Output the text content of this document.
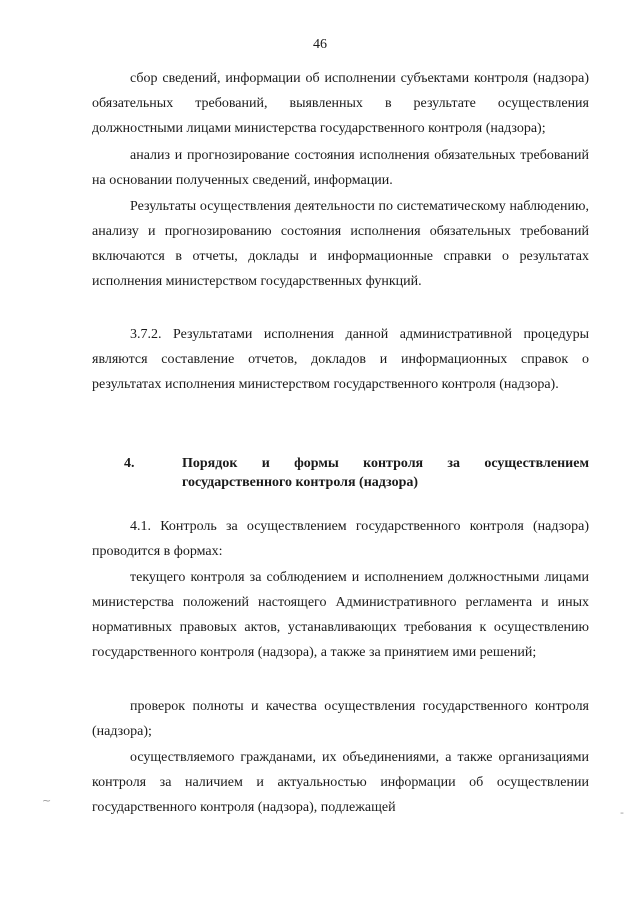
46

сбор сведений, информации об исполнении субъектами контроля (надзора) обязательных требований, выявленных в результате осуществления должностными лицами министерства государственного контроля (надзора);

анализ и прогнозирование состояния исполнения обязательных требований на основании полученных сведений, информации.

Результаты осуществления деятельности по систематическому наблюдению, анализу и прогнозированию состояния исполнения обязательных требований включаются в отчеты, доклады и информационные справки о результатах исполнения министерством государственных функций.

3.7.2. Результатами исполнения данной административной процедуры являются составление отчетов, докладов и информационных справок о результатах исполнения министерством государственного контроля (надзора).

4.	Порядок и формы контроля за осуществлением государственного контроля (надзора)

4.1. Контроль за осуществлением государственного контроля (надзора) проводится в формах:

текущего контроля за соблюдением и исполнением должностными лицами министерства положений настоящего Административного регламента и иных нормативных правовых актов, устанавливающих требования к осуществлению государственного контроля (надзора), а также за принятием ими решений;

проверок полноты и качества осуществления государственного контроля (надзора);

осуществляемого гражданами, их объединениями, а также организациями контроля за наличием и актуальностью информации об осуществлении государственного контроля (надзора), подлежащей

~
-
